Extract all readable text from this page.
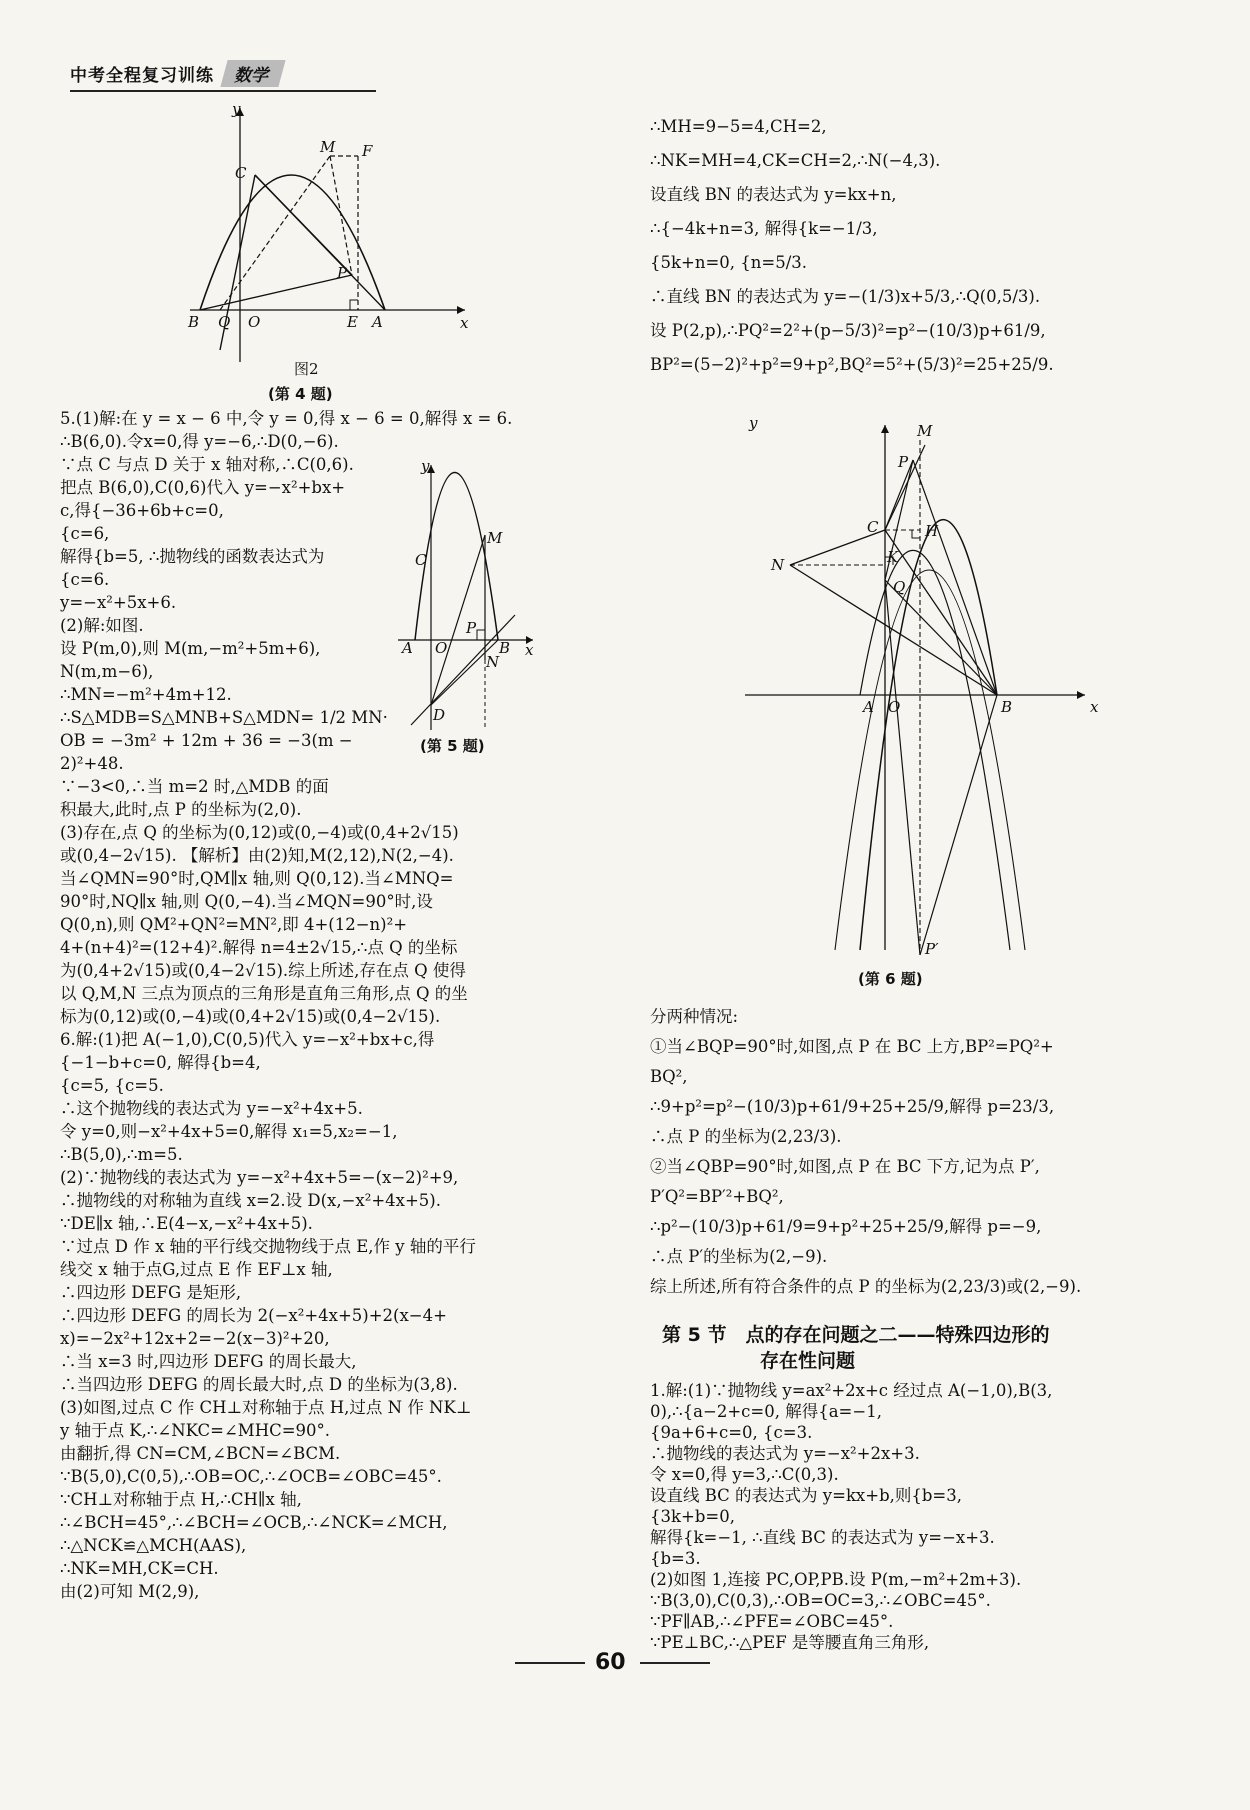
中考全程复习训练	数学
y
x
C
M F
P
B Q O	E A
图2
(第 4 题)
y
x
C
M
P
A O	B
N
D
(第 5 题)

5.(1)解:在 y = x − 6 中,令 y = 0,得 x − 6 = 0,解得 x = 6.

∴B(6,0).令x=0,得 y=−6,∴D(0,−6).

∵点 C 与点 D 关于 x 轴对称,∴C(0,6).

把点 B(6,0),C(0,6)代入 y=−x²+bx+

c,得{−36+6b+c=0,

{c=6,

解得{b=5, ∴抛物线的函数表达式为

{c=6.

y=−x²+5x+6.

(2)解:如图.

设 P(m,0),则 M(m,−m²+5m+6),

N(m,m−6),

∴MN=−m²+4m+12.

∴S△MDB=S△MNB+S△MDN= 1/2 MN·

OB = −3m² + 12m + 36 = −3(m −

2)²+48.

∵−3<0,∴当 m=2 时,△MDB 的面

积最大,此时,点 P 的坐标为(2,0).

(3)存在,点 Q 的坐标为(0,12)或(0,−4)或(0,4+2√15)

或(0,4−2√15). 【解析】由(2)知,M(2,12),N(2,−4).

当∠QMN=90°时,QM∥x 轴,则 Q(0,12).当∠MNQ=

90°时,NQ∥x 轴,则 Q(0,−4).当∠MQN=90°时,设

Q(0,n),则 QM²+QN²=MN²,即 4+(12−n)²+

4+(n+4)²=(12+4)².解得 n=4±2√15,∴点 Q 的坐标

为(0,4+2√15)或(0,4−2√15).综上所述,存在点 Q 使得

以 Q,M,N 三点为顶点的三角形是直角三角形,点 Q 的坐

标为(0,12)或(0,−4)或(0,4+2√15)或(0,4−2√15).

6.解:(1)把 A(−1,0),C(0,5)代入 y=−x²+bx+c,得

{−1−b+c=0, 解得{b=4,

{c=5, {c=5.

∴这个抛物线的表达式为 y=−x²+4x+5.

令 y=0,则−x²+4x+5=0,解得 x₁=5,x₂=−1,

∴B(5,0),∴m=5.

(2)∵抛物线的表达式为 y=−x²+4x+5=−(x−2)²+9,

∴抛物线的对称轴为直线 x=2.设 D(x,−x²+4x+5).

∵DE∥x 轴,∴E(4−x,−x²+4x+5).

∵过点 D 作 x 轴的平行线交抛物线于点 E,作 y 轴的平行

线交 x 轴于点G,过点 E 作 EF⊥x 轴,

∴四边形 DEFG 是矩形,

∴四边形 DEFG 的周长为 2(−x²+4x+5)+2(x−4+

x)=−2x²+12x+2=−2(x−3)²+20,

∴当 x=3 时,四边形 DEFG 的周长最大,

∴当四边形 DEFG 的周长最大时,点 D 的坐标为(3,8).

(3)如图,过点 C 作 CH⊥对称轴于点 H,过点 N 作 NK⊥

y 轴于点 K,∴∠NKC=∠MHC=90°.

由翻折,得 CN=CM,∠BCN=∠BCM.

∵B(5,0),C(0,5),∴OB=OC,∴∠OCB=∠OBC=45°.

∵CH⊥对称轴于点 H,∴CH∥x 轴,

∴∠BCH=45°,∴∠BCH=∠OCB,∴∠NCK=∠MCH,

∴△NCK≌△MCH(AAS),

∴NK=MH,CK=CH.

由(2)可知 M(2,9),

∴MH=9−5=4,CH=2,

∴NK=MH=4,CK=CH=2,∴N(−4,3).

设直线 BN 的表达式为 y=kx+n,

∴{−4k+n=3, 解得{k=−1/3,

{5k+n=0, {n=5/3.

∴直线 BN 的表达式为 y=−(1/3)x+5/3,∴Q(0,5/3).

设 P(2,p),∴PQ²=2²+(p−5/3)²=p²−(10/3)p+61/9,

BP²=(5−2)²+p²=9+p²,BQ²=5²+(5/3)²=25+25/9.

y
x
M
P
C	H
N	K
Q
A O	B
P′
(第 6 题)

分两种情况:

①当∠BQP=90°时,如图,点 P 在 BC 上方,BP²=PQ²+

BQ²,

∴9+p²=p²−(10/3)p+61/9+25+25/9,解得 p=23/3,

∴点 P 的坐标为(2,23/3).

②当∠QBP=90°时,如图,点 P 在 BC 下方,记为点 P′,

P′Q²=BP′²+BQ²,

∴p²−(10/3)p+61/9=9+p²+25+25/9,解得 p=−9,

∴点 P′的坐标为(2,−9).

综上所述,所有符合条件的点 P 的坐标为(2,23/3)或(2,−9).

第 5 节　点的存在问题之二——特殊四边形的
存在性问题

1.解:(1)∵抛物线 y=ax²+2x+c 经过点 A(−1,0),B(3,

0),∴{a−2+c=0, 解得{a=−1,

{9a+6+c=0, {c=3.

∴抛物线的表达式为 y=−x²+2x+3.

令 x=0,得 y=3,∴C(0,3).

设直线 BC 的表达式为 y=kx+b,则{b=3,

{3k+b=0,

解得{k=−1, ∴直线 BC 的表达式为 y=−x+3.

{b=3.

(2)如图 1,连接 PC,OP,PB.设 P(m,−m²+2m+3).

∵B(3,0),C(0,3),∴OB=OC=3,∴∠OBC=45°.

∵PF∥AB,∴∠PFE=∠OBC=45°.

∵PE⊥BC,∴△PEF 是等腰直角三角形,

60
